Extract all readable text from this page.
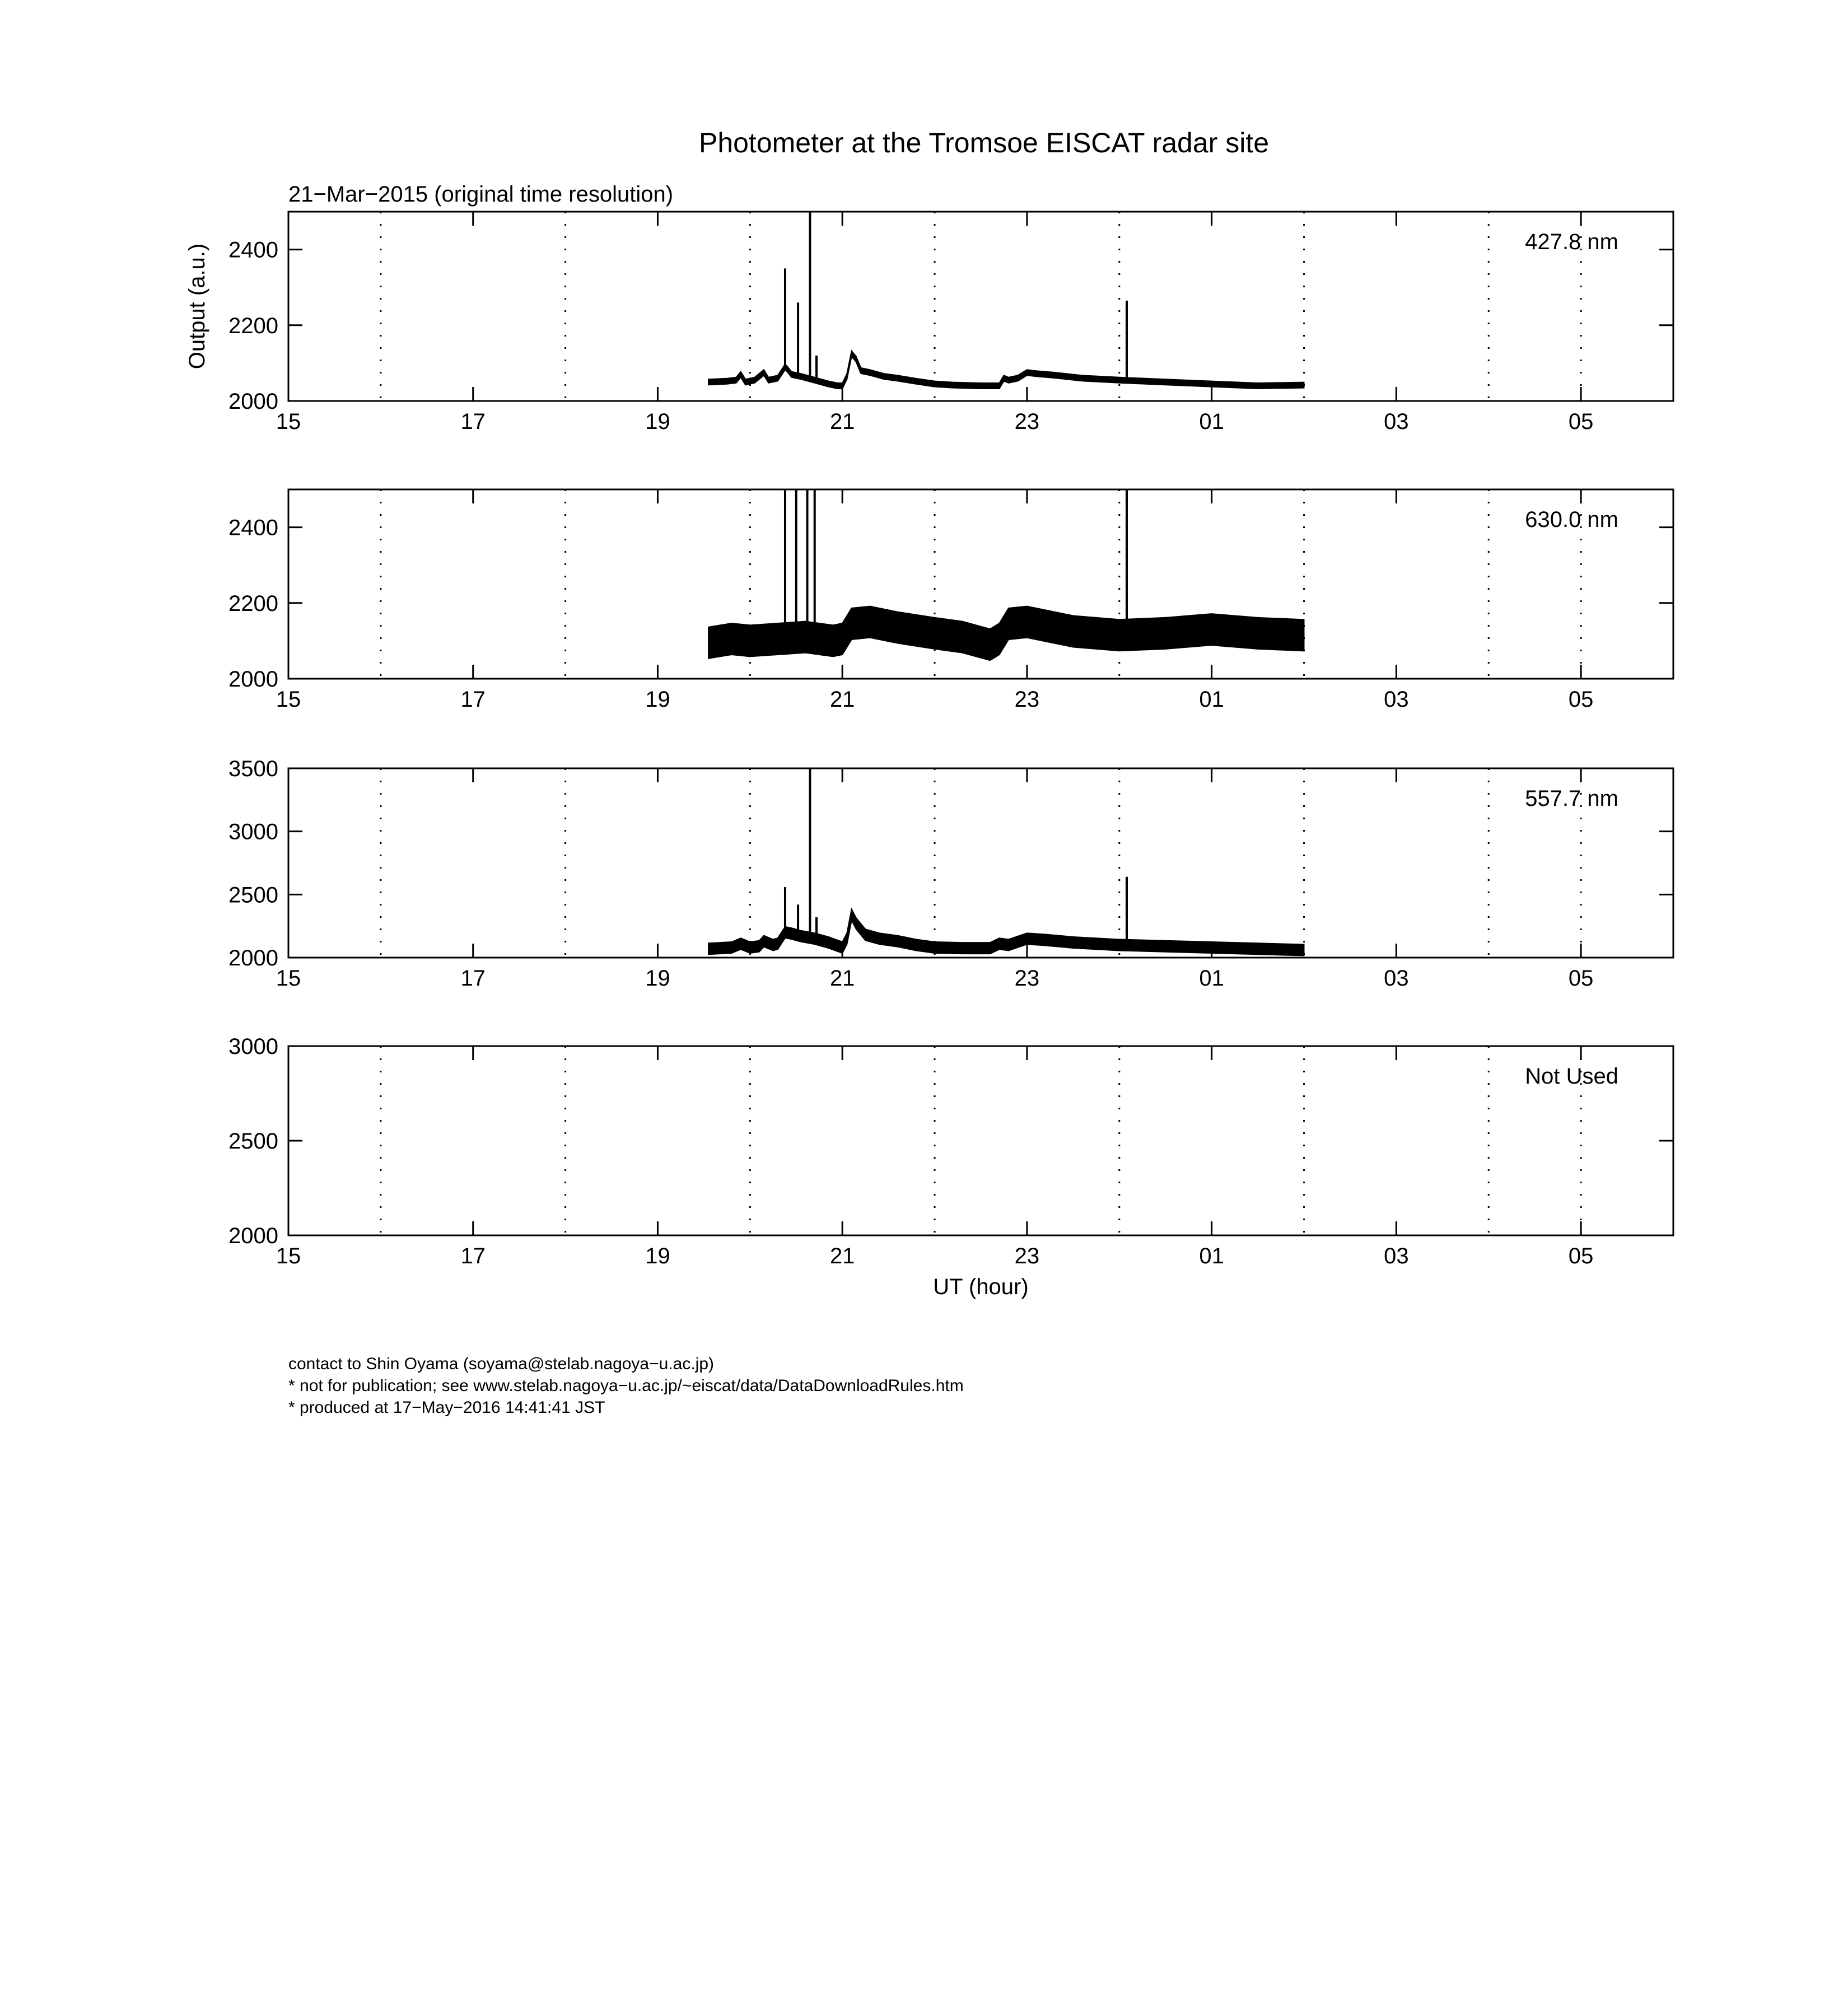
Photometer at the Tromsoe EISCAT radar site
21−Mar−2015 (original time resolution)
15	17	19	21	23	01	03	05
2000
2200
2400	427.8 nm
Output (a.u.)
15	17	19	21	23	01	03	05
2000
2200
2400	630.0 nm
15	17	19	21	23	01	03	05
2000
2500
3000
3500
557.7 nm
15	17	19	21	23	01	03	05
2000
2500
3000
Not Used
UT (hour)
contact to Shin Oyama (soyama@stelab.nagoya−u.ac.jp)
* not for publication; see www.stelab.nagoya−u.ac.jp/~eiscat/data/DataDownloadRules.htm
* produced at 17−May−2016 14:41:41 JST
